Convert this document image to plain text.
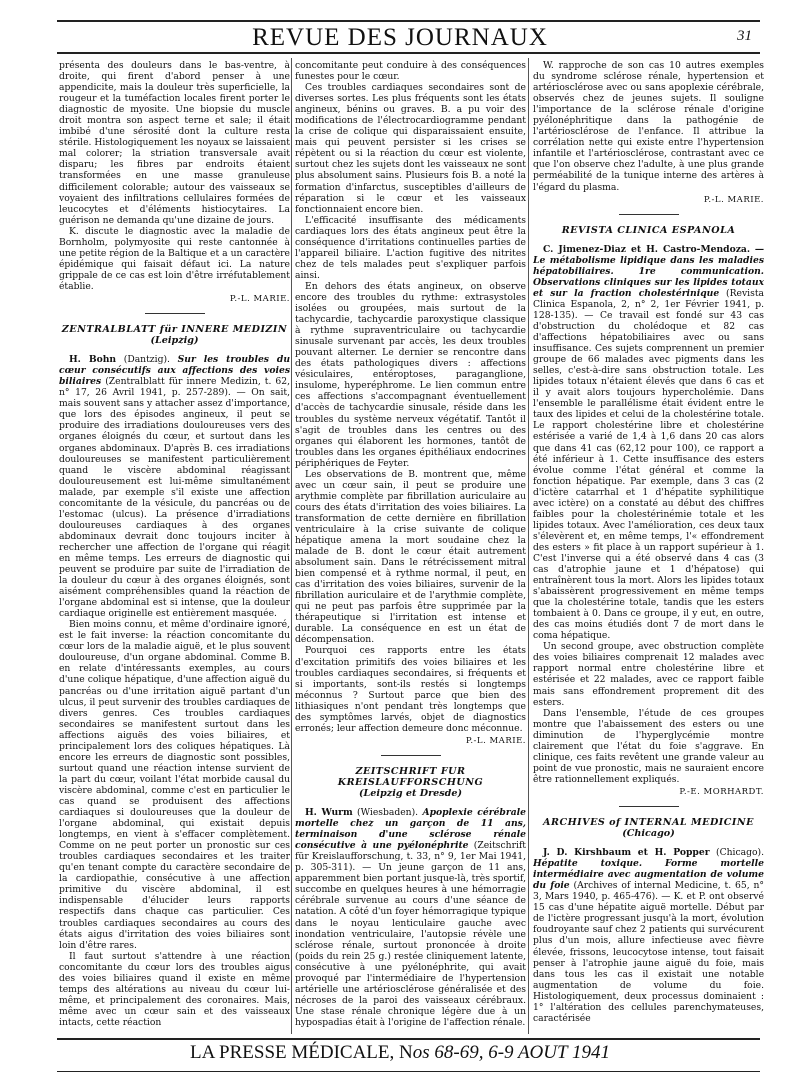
REVUE DES JOURNAUX	31

présenta des douleurs dans le bas-ventre, à droite, qui firent d'abord penser à une appendicite, mais la douleur très superficielle, la rougeur et la tuméfaction locales firent porter le diagnostic de myosite. Une biopsie du muscle droit montra son aspect terne et sale; il était imbibé d'une sérosité dont la culture resta stérile. Histologiquement les noyaux se laissaient mal colorer; la striation transversale avait disparu; les fibres par endroits étaient transformées en une masse granuleuse difficilement colorable; autour des vaisseaux se voyaient des infiltrations cellulaires formées de leucocytes et d'éléments histiocytaires. La guérison ne demanda qu'une dizaine de jours.

K. discute le diagnostic avec la maladie de Bornholm, polymyosite qui reste cantonnée à une petite région de la Baltique et a un caractère épidémique qui faisait défaut ici. La nature grippale de ce cas est loin d'être irréfutablement établie.

P.-L. MARIE.
ZENTRALBLATT für INNERE MEDIZIN
(Leipzig)

H. Bohn (Dantzig). Sur les troubles du cœur consécutifs aux affections des voies biliaires (Zentralblatt für innere Medizin, t. 62, n° 17, 26 Avril 1941, p. 257-289). — On sait, mais souvent sans y attacher assez d'importance, que lors des épisodes angineux, il peut se produire des irradiations douloureuses vers des organes éloignés du cœur, et surtout dans les organes abdominaux. D'après B. ces irradiations douloureuses se manifestent particulièrement quand le viscère abdominal réagissant douloureusement est lui-même simultanément malade, par exemple s'il existe une affection concomitante de la vésicule, du pancréas ou de l'estomac (ulcus). La présence d'irradiations douloureuses cardiaques à des organes abdominaux devrait donc toujours inciter à rechercher une affection de l'organe qui réagit en même temps. Les erreurs de diagnostic qui peuvent se produire par suite de l'irradiation de la douleur du cœur à des organes éloignés, sont aisément compréhensibles quand la réaction de l'organe abdominal est si intense, que la douleur cardiaque originelle est entièrement masquée.

Bien moins connu, et même d'ordinaire ignoré, est le fait inverse: la réaction concomitante du cœur lors de la maladie aiguë, et le plus souvent douloureuse, d'un organe abdominal. Comme B. en relate d'intéressants exemples, au cours d'une colique hépatique, d'une affection aiguë du pancréas ou d'une irritation aiguë partant d'un ulcus, il peut survenir des troubles cardiaques de divers genres. Ces troubles cardiaques secondaires se manifestent surtout dans les affections aiguës des voies biliaires, et principalement lors des coliques hépatiques. Là encore les erreurs de diagnostic sont possibles, surtout quand une réaction intense survient de la part du cœur, voilant l'état morbide causal du viscère abdominal, comme c'est en particulier le cas quand se produisent des affections cardiaques si douloureuses que la douleur de l'organe abdominal, qui existait depuis longtemps, en vient à s'effacer complètement. Comme on ne peut porter un pronostic sur ces troubles cardiaques secondaires et les traiter qu'en tenant compte du caractère secondaire de la cardiopathie, consécutive à une affection primitive du viscère abdominal, il est indispensable d'élucider leurs rapports respectifs dans chaque cas particulier. Ces troubles cardiaques secondaires au cours des états aigus d'irritation des voies biliaires sont loin d'être rares.

Il faut surtout s'attendre à une réaction concomitante du cœur lors des troubles aigus des voies biliaires quand il existe en même temps des altérations au niveau du cœur lui-même, et principalement des coronaires. Mais, même avec un cœur sain et des vaisseaux intacts, cette réaction

concomitante peut conduire à des conséquences funestes pour le cœur.

Ces troubles cardiaques secondaires sont de diverses sortes. Les plus fréquents sont les états angineux, bénins ou graves. B. a pu voir des modifications de l'électrocardiogramme pendant la crise de colique qui disparaissaient ensuite, mais qui peuvent persister si les crises se répètent ou si la réaction du cœur est violente, surtout chez les sujets dont les vaisseaux ne sont plus absolument sains. Plusieurs fois B. a noté la formation d'infarctus, susceptibles d'ailleurs de réparation si le cœur et les vaisseaux fonctionnaient encore bien.

L'efficacité insuffisante des médicaments cardiaques lors des états angineux peut être la conséquence d'irritations continuelles parties de l'appareil biliaire. L'action fugitive des nitrites chez de tels malades peut s'expliquer parfois ainsi.

En dehors des états angineux, on observe encore des troubles du rythme: extrasystoles isolées ou groupées, mais surtout de la tachycardie, tachycardie paroxystique classique à rythme supraventriculaire ou tachycardie sinusale survenant par accès, les deux troubles pouvant alterner. Le dernier se rencontre dans des états pathologiques divers : affections vésiculaires, entéroptoses, paraganglione, insulome, hyperéphrome. Le lien commun entre ces affections s'accompagnant éventuellement d'accès de tachycardie sinusale, réside dans les troubles du système nerveux végétatif. Tantôt il s'agit de troubles dans les centres ou des organes qui élaborent les hormones, tantôt de troubles dans les organes épithéliaux endocrines périphériques de Feyter.

Les observations de B. montrent que, même avec un cœur sain, il peut se produire une arythmie complète par fibrillation auriculaire au cours des états d'irritation des voies biliaires. La transformation de cette dernière en fibrillation ventriculaire à la crise suivante de colique hépatique amena la mort soudaine chez la malade de B. dont le cœur était autrement absolument sain. Dans le rétrécissement mitral bien compensé et à rythme normal, il peut, en cas d'irritation des voies biliaires, survenir de la fibrillation auriculaire et de l'arythmie complète, qui ne peut pas parfois être supprimée par la thérapeutique si l'irritation est intense et durable. La conséquence en est un état de décompensation.

Pourquoi ces rapports entre les états d'excitation primitifs des voies biliaires et les troubles cardiaques secondaires, si fréquents et si importants, sont-ils restés si longtemps méconnus ? Surtout parce que bien des lithiasiques n'ont pendant très longtemps que des symptômes larvés, objet de diagnostics erronés; leur affection demeure donc méconnue.

P.-L. MARIE.
ZEITSCHRIFT FUR KREISLAUFFORSCHUNG
(Leipzig et Dresde)

H. Wurm (Wiesbaden). Apoplexie cérébrale mortelle chez un garçon de 11 ans, terminaison d'une sclérose rénale consécutive à une pyélonéphrite (Zeitschrift für Kreislaufforschung, t. 33, n° 9, 1er Mai 1941, p. 305-311). — Un jeune garçon de 11 ans, apparemment bien portant jusque-là, très sportif, succombe en quelques heures à une hémorragie cérébrale survenue au cours d'une séance de natation. A côté d'un foyer hémorragique typique dans le noyau lenticulaire gauche avec inondation ventriculaire, l'autopsie révèle une sclérose rénale, surtout prononcée à droite (poids du rein 25 g.) restée cliniquement latente, consécutive à une pyélonéphrite, qui avait provoqué par l'intermédiaire de l'hypertension artérielle une artériosclérose généralisée et des nécroses de la paroi des vaisseaux cérébraux. Une stase rénale chronique légère due à un hypospadias était à l'origine de l'affection rénale.

W. rapproche de son cas 10 autres exemples du syndrome sclérose rénale, hypertension et artériosclérose avec ou sans apoplexie cérébrale, observés chez de jeunes sujets. Il souligne l'importance de la sclérose rénale d'origine pyélonéphritique dans la pathogénie de l'artériosclérose de l'enfance. Il attribue la corrélation nette qui existe entre l'hypertension infantile et l'artériosclérose, contrastant avec ce que l'on observe chez l'adulte, à une plus grande perméabilité de la tunique interne des artères à l'égard du plasma.

P.-L. MARIE.
REVISTA CLINICA ESPANOLA

C. Jimenez-Diaz et H. Castro-Mendoza. — Le métabolisme lipidique dans les maladies hépatobiliaires. 1re communication. Observations cliniques sur les lipides totaux et sur la fraction cholestérinique (Revista Clinica Espanola, 2, n° 2, 1er Février 1941, p. 128-135). — Ce travail est fondé sur 43 cas d'obstruction du cholédoque et 82 cas d'affections hépatobiliaires avec ou sans insuffisance. Ces sujets comprennent un premier groupe de 66 malades avec pigments dans les selles, c'est-à-dire sans obstruction totale. Les lipides totaux n'étaient élevés que dans 6 cas et il y avait alors toujours hypercholémie. Dans l'ensemble le parallélisme était évident entre le taux des lipides et celui de la cholestérine totale. Le rapport cholestérine libre et cholestérine estérisée a varié de 1,4 à 1,6 dans 20 cas alors que dans 41 cas (62,12 pour 100), ce rapport a été inférieur à 1. Cette insuffisance des esters évolue comme l'état général et comme la fonction hépatique. Par exemple, dans 3 cas (2 d'ictère catarrhal et 1 d'hépatite syphilitique avec ictère) on a constaté au début des chiffres faibles pour la cholestérinémie totale et les lipides totaux. Avec l'amélioration, ces deux taux s'élevèrent et, en même temps, l'« effondrement des esters » fit place à un rapport supérieur à 1. C'est l'inverse qui a été observé dans 4 cas (3 cas d'atrophie jaune et 1 d'hépatose) qui entraînèrent tous la mort. Alors les lipides totaux s'abaissèrent progressivement en même temps que la cholestérine totale, tandis que les esters tombaient à 0. Dans ce groupe, il y eut, en outre, des cas moins étudiés dont 7 de mort dans le coma hépatique.

Un second groupe, avec obstruction complète des voies biliaires comprenait 12 malades avec rapport normal entre cholestérine libre et estérisée et 22 malades, avec ce rapport faible mais sans effondrement proprement dit des esters.

Dans l'ensemble, l'étude de ces groupes montre que l'abaissement des esters ou une diminution de l'hyperglycémie montre clairement que l'état du foie s'aggrave. En clinique, ces faits revêtent une grande valeur au point de vue pronostic, mais ne sauraient encore être rationnellement expliqués.

P.-E. MORHARDT.
ARCHIVES of INTERNAL MEDICINE
(Chicago)

J. D. Kirshbaum et H. Popper (Chicago). Hépatite toxique. Forme mortelle intermédiaire avec augmentation de volume du foie (Archives of internal Medicine, t. 65, n° 3, Mars 1940, p. 465-476). — K. et P. ont observé 15 cas d'une hépatite aiguë mortelle. Début par de l'ictère progressant jusqu'à la mort, évolution foudroyante sauf chez 2 patients qui survécurent plus d'un mois, allure infectieuse avec fièvre élevée, frissons, leucocytose intense, tout faisait penser à l'atrophie jaune aiguë du foie, mais dans tous les cas il existait une notable augmentation de volume du foie. Histologiquement, deux processus dominaient : 1° l'altération des cellules parenchymateuses, caractérisée

LA PRESSE MÉDICALE, Nos 68-69, 6-9 AOUT 1941
